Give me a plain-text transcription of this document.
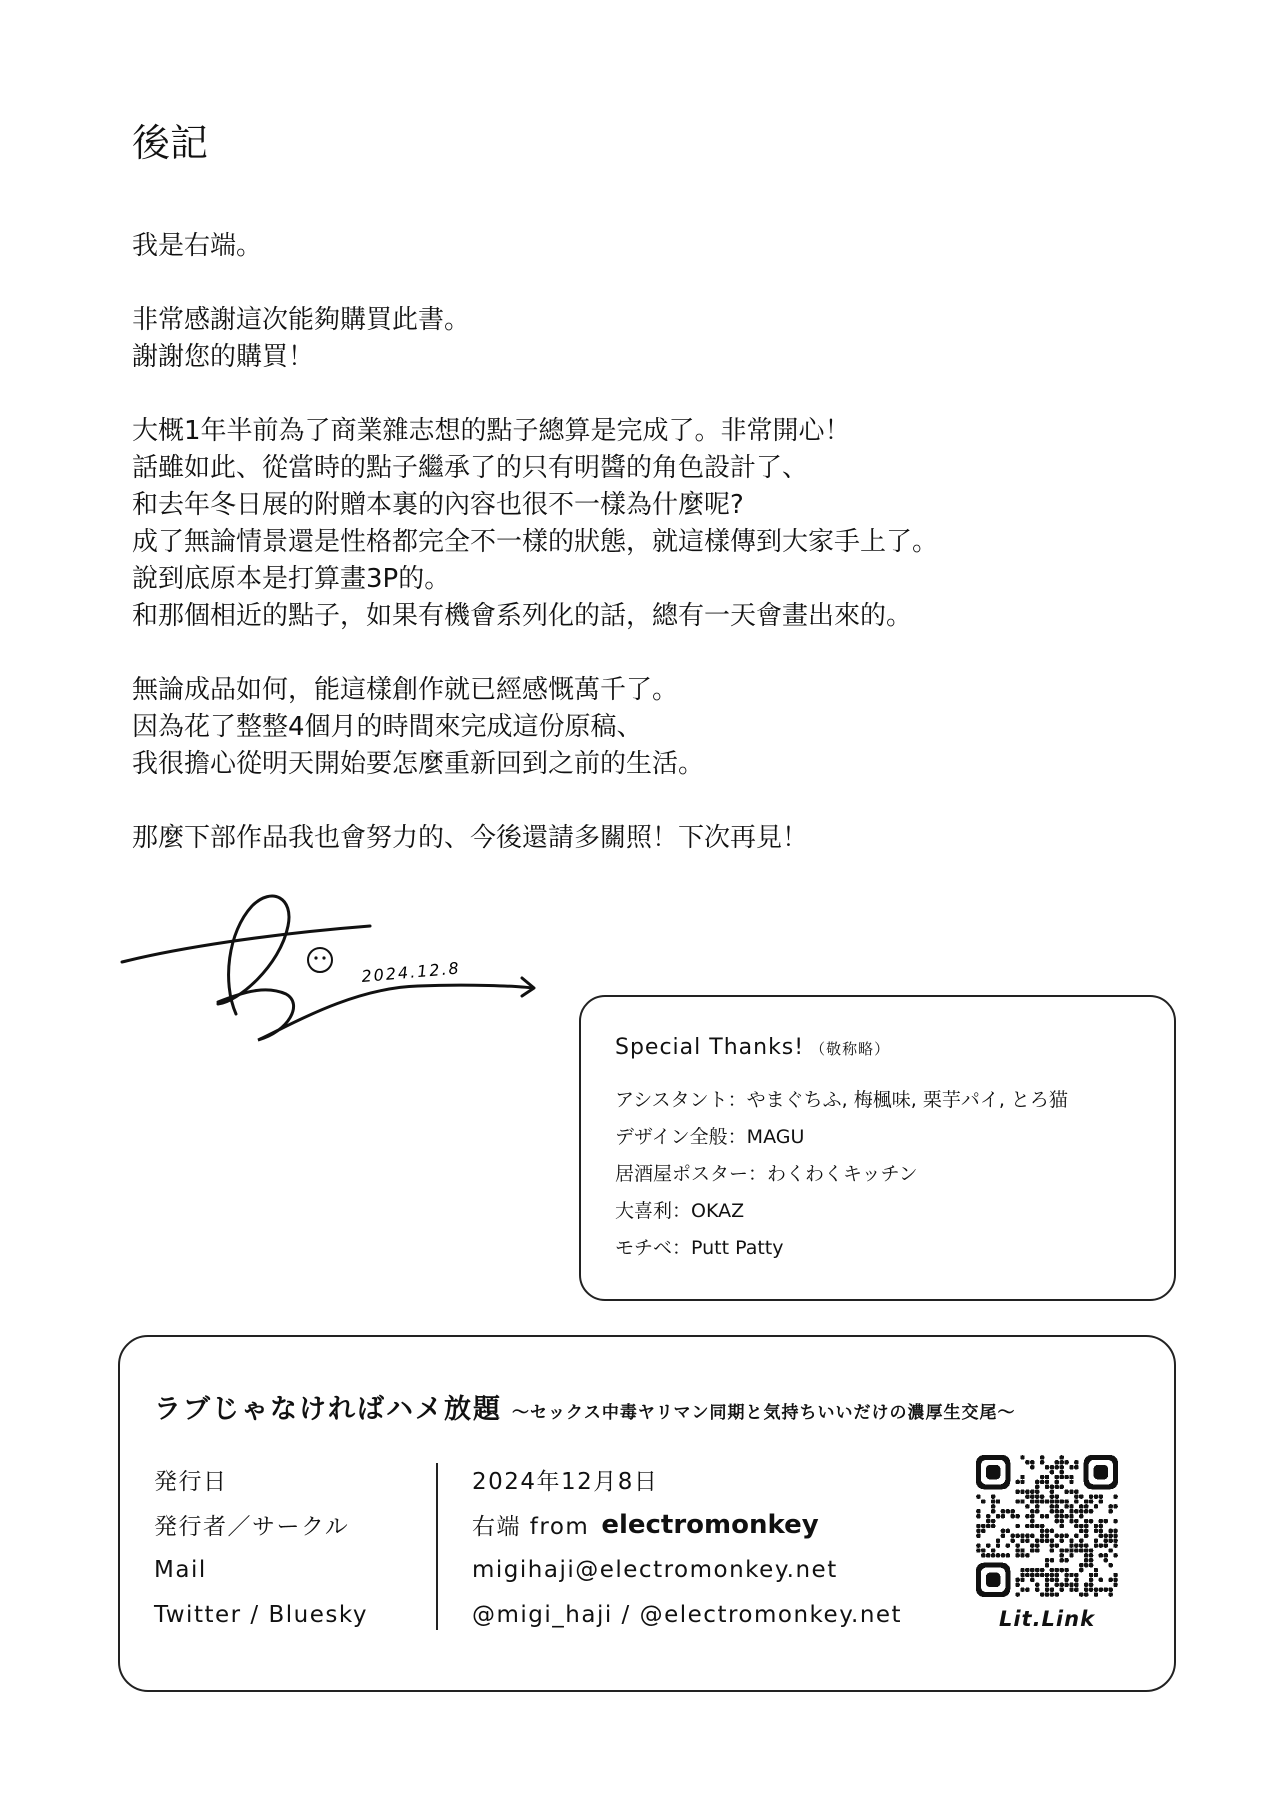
後記
我是右端。
非常感謝這次能夠購買此書。
謝謝您的購買！
大概1年半前為了商業雜志想的點子總算是完成了。非常開心！
話雖如此、從當時的點子繼承了的只有明醬的角色設計了、
和去年冬日展的附贈本裏的內容也很不一樣為什麼呢?
成了無論情景還是性格都完全不一樣的狀態，就這樣傳到大家手上了。
說到底原本是打算畫3P的。
和那個相近的點子，如果有機會系列化的話，總有一天會畫出來的。
無論成品如何，能這樣創作就已經感慨萬千了。
因為花了整整4個月的時間來完成這份原稿、
我很擔心從明天開始要怎麼重新回到之前的生活。
那麼下部作品我也會努力的、今後還請多關照！下次再見！
2024.12.8
Special Thanks! （敬称略）
アシスタント：やまぐちふ, 梅楓味, 栗芋パイ, とろ猫
デザイン全般：MAGU
居酒屋ポスター：わくわくキッチン
大喜利：OKAZ
モチベ：Putt Patty
ラブじゃなければハメ放題 ～セックス中毒ヤリマン同期と気持ちいいだけの濃厚生交尾～
発行日
発行者／サークル
Mail
Twitter / Bluesky
2024年12月8日
右端 from electromonkey
migihaji@electromonkey.net
@migi_haji / @electromonkey.net	Lit.Link
